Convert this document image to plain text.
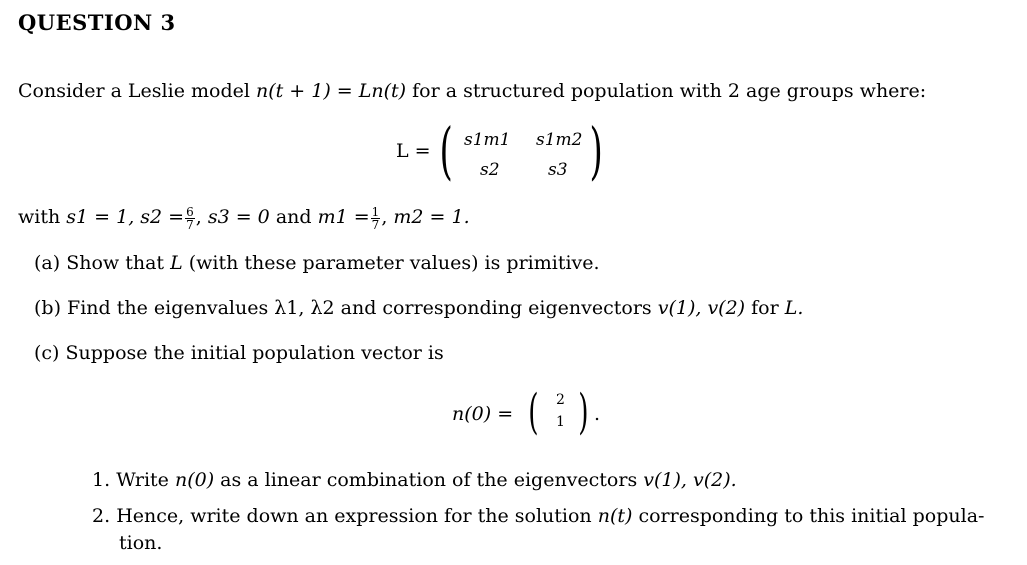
QUESTION 3
Consider a Leslie model n(t + 1) = Ln(t) for a structured population with 2 age groups where:
L = ( s1m1 s1m2
s2	s3 )
with s1 = 1, $s2 = \frac{6}{7}$ , s3 = 0 and $m1 = \frac{1}{7}$ , m2 = 1.
(a) Show that L (with these parameter values) is primitive.
(b) Find the eigenvalues λ1, λ2 and corresponding eigenvectors v(1), v(2) for L.
(c) Suppose the initial population vector is
n(0) = ( 2
1 ) .
1. Write n(0) as a linear combination of the eigenvectors v(1), v(2).
2. Hence, write down an expression for the solution n(t) corresponding to this initial popula-
tion.
